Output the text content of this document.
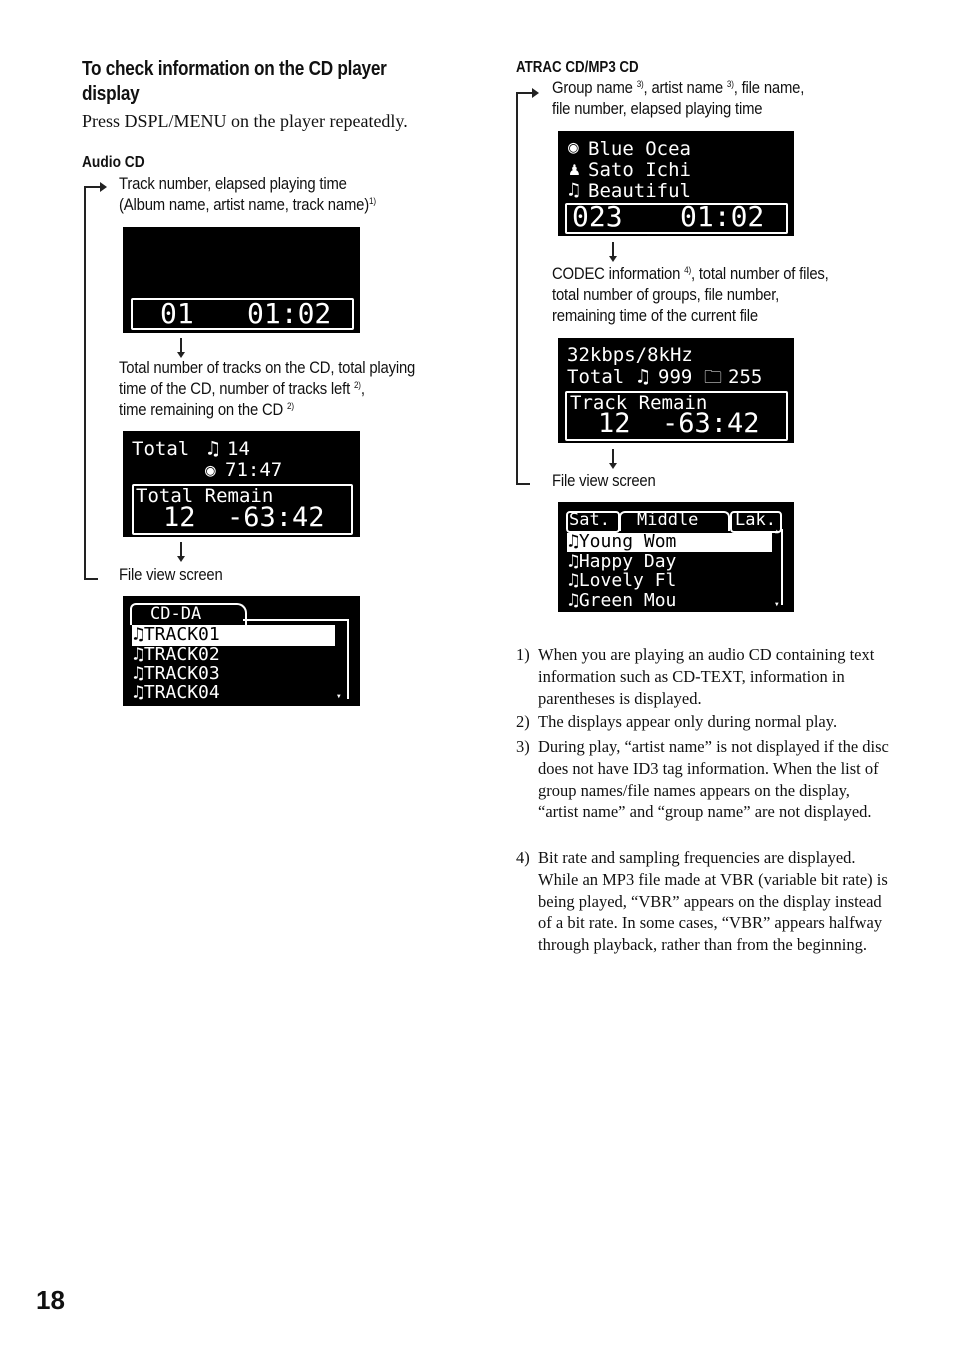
To check information on the CD player
display
Press DSPL/MENU on the player repeatedly.
Audio CD
Track number, elapsed playing time
(Album name, artist name, track name)$^{1)}$
01 01:02
Total number of tracks on the CD, total playing
time of the CD, number of tracks left $^{2)}$,
time remaining on the CD $^{2)}$
Total ♫ 14
◉ 71:47
Total Remain
12 -63:42
File view screen
CD-DA
♫TRACK01
♫TRACK02
♫TRACK03
♫TRACK04	▼
ATRAC CD/MP3 CD
Group name $^{3)}$, artist name $^{3)}$, file name,
file number, elapsed playing time
◉ Blue Ocea
♟ Sato Ichi
♫ Beautiful
023 01:02
CODEC information $^{4)}$, total number of files,
total number of groups, file number,
remaining time of the current file
32kbps/8kHz
Total ♫ 999 🗀 255
Track Remain
12 -63:42
File view screen
Sat. Middle Lak.
♫Young Wom
♫Happy Day
♫Lovely Fl
♫Green Mou
▲
▼
1) When you are playing an audio CD containing text information such as CD-TEXT, information in parentheses is displayed.
2) The displays appear only during normal play.
3) During play, “artist name” is not displayed if the disc does not have ID3 tag information. When the list of group names/file names appears on the display, “artist name” and “group name” are not displayed.
4) Bit rate and sampling frequencies are displayed. While an MP3 file made at VBR (variable bit rate) is being played, “VBR” appears on the display instead of a bit rate. In some cases, “VBR” appears halfway through playback, rather than from the beginning.
18
